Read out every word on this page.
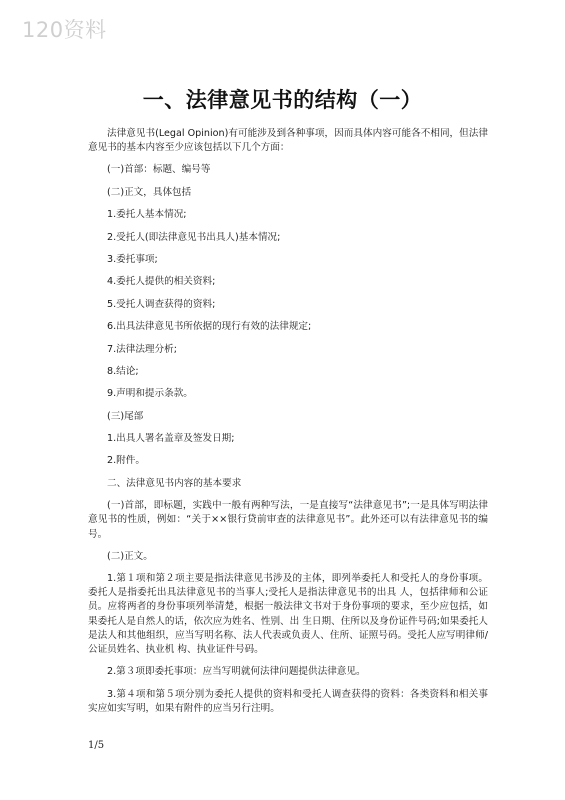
120资料
一、法律意见书的结构（一）

法律意见书(Legal Opinion)有可能涉及到各种事项，因而具体内容可能各不相同，但法律意见书的基本内容至少应该包括以下几个方面：

(一)首部：标题、编号等

(二)正文，具体包括

1.委托人基本情况;

2.受托人(即法律意见书出具人)基本情况;

3.委托事项;

4.委托人提供的相关资料;

5.受托人调查获得的资料;

6.出具法律意见书所依据的现行有效的法律规定;

7.法律法理分析;

8.结论;

9.声明和提示条款。

(三)尾部

1.出具人署名盖章及签发日期;

2.附件。

二、法律意见书内容的基本要求

(一)首部，即标题，实践中一般有两种写法，一是直接写“法律意见书”;一是具体写明法律意见书的性质，例如：“关于××银行贷前审查的法律意见书”。此外还可以有法律意见书的编号。

(二)正文。

1.第１项和第２项主要是指法律意见书涉及的主体，即列举委托人和受托人的身份事项。委托人是指委托出具法律意见书的当事人;受托人是指法律意见书的出具 人，包括律师和公证员。应将两者的身份事项列举清楚，根据一般法律文书对于身份事项的要求，至少应包括，如果委托人是自然人的话，依次应为姓名、性别、出 生日期、住所以及身份证件号码;如果委托人是法人和其他组织，应当写明名称、法人代表或负责人、住所、证照号码。受托人应写明律师/公证员姓名、执业机 构、执业证件号码。

2.第３项即委托事项：应当写明就何法律问题提供法律意见。

3.第４项和第５项分别为委托人提供的资料和受托人调查获得的资料：各类资料和相关事实应如实写明，如果有附件的应当另行注明。

1/5
